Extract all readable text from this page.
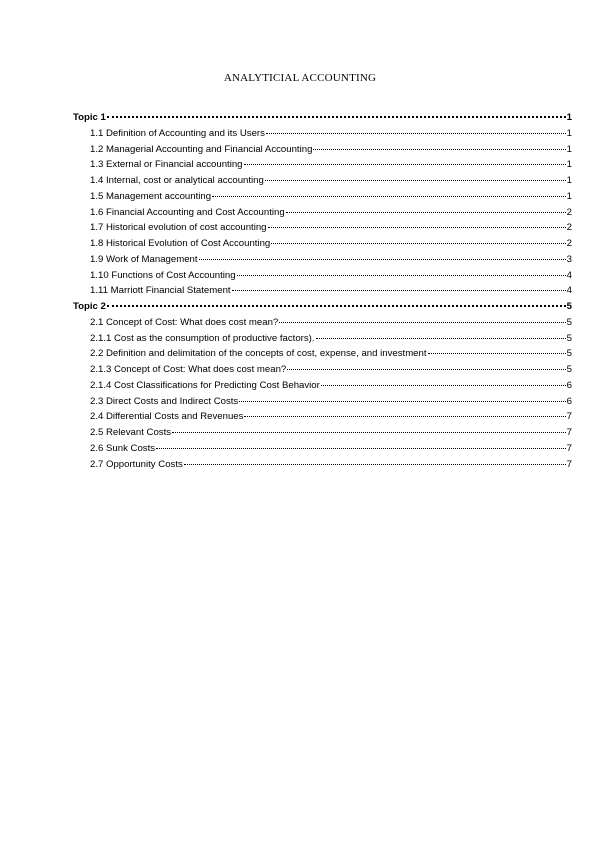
ANALYTICIAL ACCOUNTING
Topic 1	1
1.1 Definition of Accounting and its Users	1
1.2 Managerial Accounting and Financial Accounting	1
1.3 External or Financial accounting	1
1.4 Internal, cost or analytical accounting	1
1.5 Management accounting	1
1.6 Financial Accounting and Cost Accounting	2
1.7 Historical evolution of cost accounting	2
1.8 Historical Evolution of Cost Accounting	2
1.9 Work of Management	3
1.10 Functions of Cost Accounting	4
1.11 Marriott Financial Statement	4
Topic 2	5
2.1 Concept of Cost: What does cost mean?	5
2.1.1 Cost as the consumption of productive factors).	5
2.2 Definition and delimitation of the concepts of cost, expense, and investment	5
2.1.3 Concept of Cost: What does cost mean?	5
2.1.4 Cost Classifications for Predicting Cost Behavior	6
2.3 Direct Costs and Indirect Costs	6
2.4 Differential Costs and Revenues	7
2.5 Relevant Costs	7
2.6 Sunk Costs	7
2.7 Opportunity Costs	7
